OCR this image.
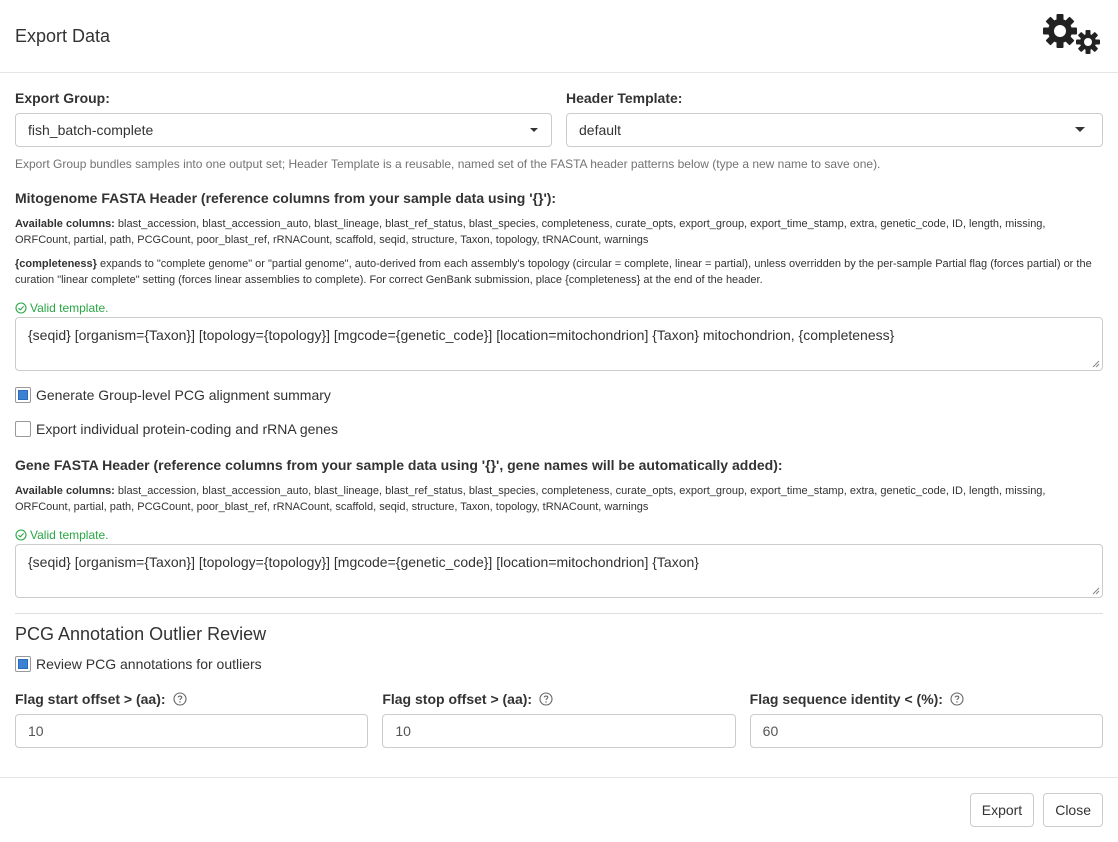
Export Data
Export Group:
fish_batch-complete
Header Template:
default
Export Group bundles samples into one output set; Header Template is a reusable, named set of the FASTA header patterns below (type a new name to save one).
Mitogenome FASTA Header (reference columns from your sample data using '{}'):
Available columns: blast_accession, blast_accession_auto, blast_lineage, blast_ref_status, blast_species, completeness, curate_opts, export_group, export_time_stamp, extra, genetic_code, ID, length, missing, ORFCount, partial, path, PCGCount, poor_blast_ref, rRNACount, scaffold, seqid, structure, Taxon, topology, tRNACount, warnings
{completeness} expands to "complete genome" or "partial genome", auto-derived from each assembly's topology (circular = complete, linear = partial), unless overridden by the per-sample Partial flag (forces partial) or the curation "linear complete" setting (forces linear assemblies to complete). For correct GenBank submission, place {completeness} at the end of the header.
Valid template.
{seqid} [organism={Taxon}] [topology={topology}] [mgcode={genetic_code}] [location=mitochondrion] {Taxon} mitochondrion, {completeness}
Generate Group-level PCG alignment summary
Export individual protein-coding and rRNA genes
Gene FASTA Header (reference columns from your sample data using '{}', gene names will be automatically added):
Available columns: blast_accession, blast_accession_auto, blast_lineage, blast_ref_status, blast_species, completeness, curate_opts, export_group, export_time_stamp, extra, genetic_code, ID, length, missing, ORFCount, partial, path, PCGCount, poor_blast_ref, rRNACount, scaffold, seqid, structure, Taxon, topology, tRNACount, warnings
Valid template.
{seqid} [organism={Taxon}] [topology={topology}] [mgcode={genetic_code}] [location=mitochondrion] {Taxon}
PCG Annotation Outlier Review
Review PCG annotations for outliers
Flag start offset > (aa):
10
Flag stop offset > (aa):
10
Flag sequence identity < (%):
60
Export	Close
